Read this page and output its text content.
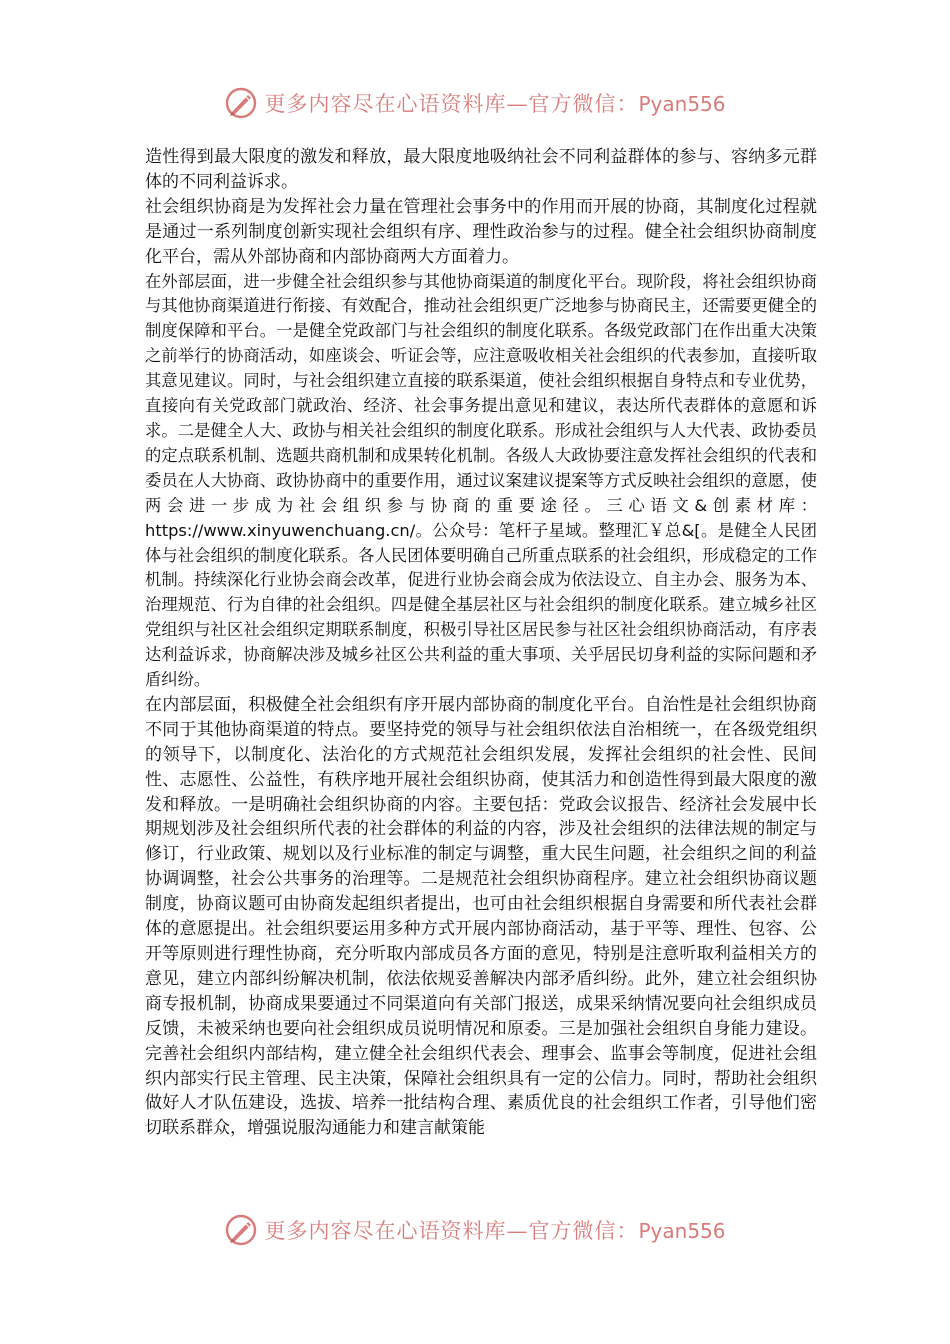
更多内容尽在心语资料库—官方微信：Pyan556

造性得到最大限度的激发和释放，最大限度地吸纳社会不同利益群体的参与、容纳多元群体的不同利益诉求。

社会组织协商是为发挥社会力量在管理社会事务中的作用而开展的协商，其制度化过程就是通过一系列制度创新实现社会组织有序、理性政治参与的过程。健全社会组织协商制度化平台，需从外部协商和内部协商两大方面着力。

在外部层面，进一步健全社会组织参与其他协商渠道的制度化平台。现阶段，将社会组织协商与其他协商渠道进行衔接、有效配合，推动社会组织更广泛地参与协商民主，还需要更健全的制度保障和平台。一是健全党政部门与社会组织的制度化联系。各级党政部门在作出重大决策之前举行的协商活动，如座谈会、听证会等，应注意吸收相关社会组织的代表参加，直接听取其意见建议。同时，与社会组织建立直接的联系渠道，使社会组织根据自身特点和专业优势，直接向有关党政部门就政治、经济、社会事务提出意见和建议，表达所代表群体的意愿和诉求。二是健全人大、政协与相关社会组织的制度化联系。形成社会组织与人大代表、政协委员的定点联系机制、选题共商机制和成果转化机制。各级人大政协要注意发挥社会组织的代表和委员在人大协商、政协协商中的重要作用，通过议案建议提案等方式反映社会组织的意愿，使两会进一步成为社会组织参与协商的重要途径。三心语文&创素材库：https://www.xinyuwenchuang.cn/。公众号：笔杆子星域。整理汇￥总&[。是健全人民团体与社会组织的制度化联系。各人民团体要明确自己所重点联系的社会组织，形成稳定的工作机制。持续深化行业协会商会改革，促进行业协会商会成为依法设立、自主办会、服务为本、治理规范、行为自律的社会组织。四是健全基层社区与社会组织的制度化联系。建立城乡社区党组织与社区社会组织定期联系制度，积极引导社区居民参与社区社会组织协商活动，有序表达利益诉求，协商解决涉及城乡社区公共利益的重大事项、关乎居民切身利益的实际问题和矛盾纠纷。

在内部层面，积极健全社会组织有序开展内部协商的制度化平台。自治性是社会组织协商不同于其他协商渠道的特点。要坚持党的领导与社会组织依法自治相统一，在各级党组织的领导下，以制度化、法治化的方式规范社会组织发展，发挥社会组织的社会性、民间性、志愿性、公益性，有秩序地开展社会组织协商，使其活力和创造性得到最大限度的激发和释放。一是明确社会组织协商的内容。主要包括：党政会议报告、经济社会发展中长期规划涉及社会组织所代表的社会群体的利益的内容，涉及社会组织的法律法规的制定与修订，行业政策、规划以及行业标准的制定与调整，重大民生问题，社会组织之间的利益协调调整，社会公共事务的治理等。二是规范社会组织协商程序。建立社会组织协商议题制度，协商议题可由协商发起组织者提出，也可由社会组织根据自身需要和所代表社会群体的意愿提出。社会组织要运用多种方式开展内部协商活动，基于平等、理性、包容、公开等原则进行理性协商，充分听取内部成员各方面的意见，特别是注意听取利益相关方的意见，建立内部纠纷解决机制，依法依规妥善解决内部矛盾纠纷。此外，建立社会组织协商专报机制，协商成果要通过不同渠道向有关部门报送，成果采纳情况要向社会组织成员反馈，未被采纳也要向社会组织成员说明情况和原委。三是加强社会组织自身能力建设。完善社会组织内部结构，建立健全社会组织代表会、理事会、监事会等制度，促进社会组织内部实行民主管理、民主决策，保障社会组织具有一定的公信力。同时，帮助社会组织做好人才队伍建设，选拔、培养一批结构合理、素质优良的社会组织工作者，引导他们密切联系群众，增强说服沟通能力和建言献策能

更多内容尽在心语资料库—官方微信：Pyan556
